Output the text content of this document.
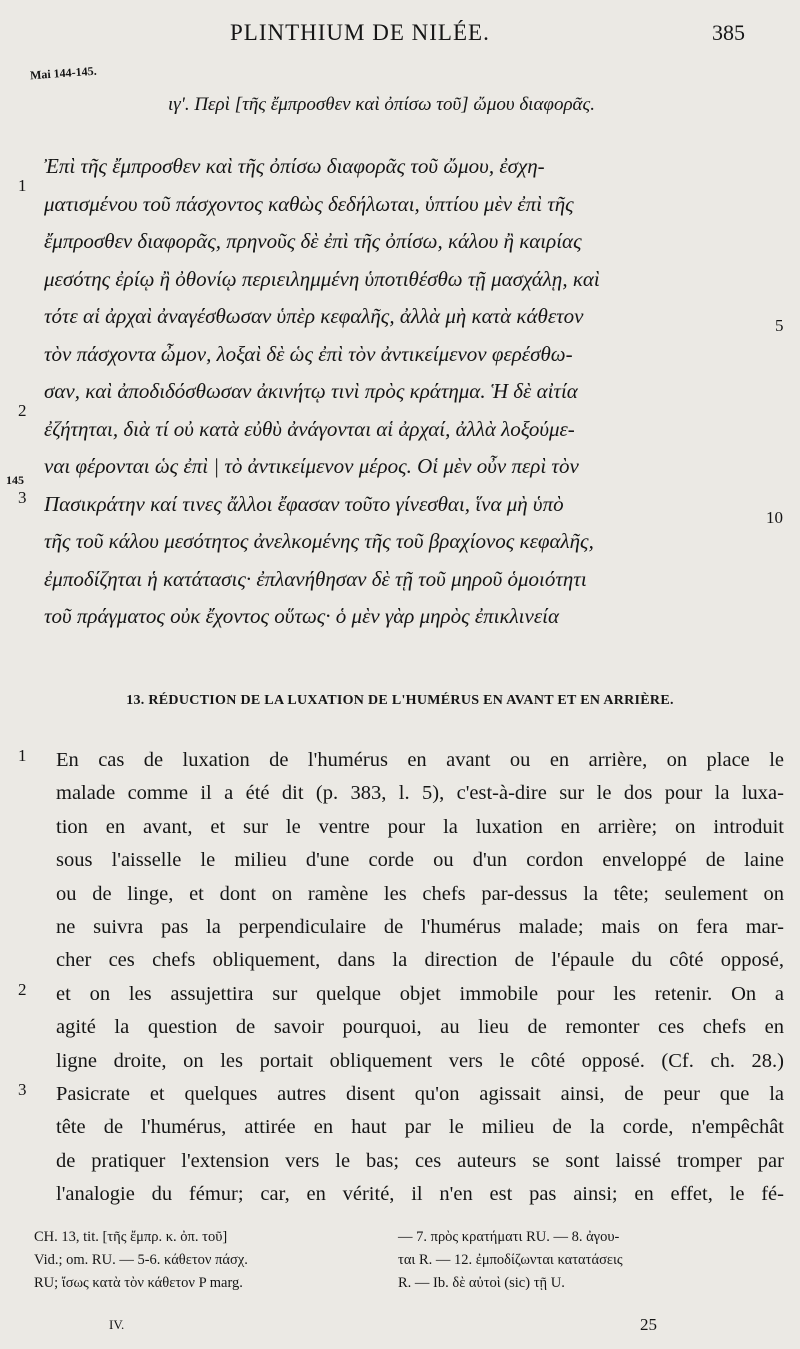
PLINTHIUM DE NILÉE.	385
Mai 144-145.
ιγʹ. Περὶ [τῆς ἔμπροσθεν καὶ ὀπίσω τοῦ] ὤμου διαφορᾶς.
Ἐπὶ τῆς ἔμπροσθεν καὶ τῆς ὀπίσω διαφορᾶς τοῦ ὤμου, ἐσχη-
ματισμένου τοῦ πάσχοντος καθὼς δεδήλωται, ὑπτίου μὲν ἐπὶ τῆς
ἔμπροσθεν διαφορᾶς, πρηνοῦς δὲ ἐπὶ τῆς ὀπίσω, κάλου ἢ καιρίας
μεσότης ἐρίῳ ἢ ὀθονίῳ περιειλημμένη ὑποτιθέσθω τῇ μασχάλῃ, καὶ
τότε αἱ ἀρχαὶ ἀναγέσθωσαν ὑπὲρ κεφαλῆς, ἀλλὰ μὴ κατὰ κάθετον
τὸν πάσχοντα ὦμον, λοξαὶ δὲ ὡς ἐπὶ τὸν ἀντικείμενον φερέσθω-
σαν, καὶ ἀποδιδόσθωσαν ἀκινήτῳ τινὶ πρὸς κράτημα. Ἡ δὲ αἰτία
ἐζήτηται, διὰ τί οὐ κατὰ εὐθὺ ἀνάγονται αἱ ἀρχαί, ἀλλὰ λοξούμε-
ναι φέρονται ὡς ἐπὶ | τὸ ἀντικείμενον μέρος. Οἱ μὲν οὖν περὶ τὸν
Πασικράτην καί τινες ἄλλοι ἔφασαν τοῦτο γίνεσθαι, ἵνα μὴ ὑπὸ
τῆς τοῦ κάλου μεσότητος ἀνελκομένης τῆς τοῦ βραχίονος κεφαλῆς,
ἐμποδίζηται ἡ κατάτασις· ἐπλανήθησαν δὲ τῇ τοῦ μηροῦ ὁμοιότητι
τοῦ πράγματος οὐκ ἔχοντος οὕτως· ὁ μὲν γὰρ μηρὸς ἐπικλινεία
1
2
145
3
5
10
13. RÉDUCTION DE LA LUXATION DE L'HUMÉRUS EN AVANT ET EN ARRIÈRE.
En cas de luxation de l'humérus en avant ou en arrière, on place le
malade comme il a été dit (p. 383, l. 5), c'est-à-dire sur le dos pour la luxa-
tion en avant, et sur le ventre pour la luxation en arrière; on introduit
sous l'aisselle le milieu d'une corde ou d'un cordon enveloppé de laine
ou de linge, et dont on ramène les chefs par-dessus la tête; seulement on
ne suivra pas la perpendiculaire de l'humérus malade; mais on fera mar-
cher ces chefs obliquement, dans la direction de l'épaule du côté opposé,
et on les assujettira sur quelque objet immobile pour les retenir. On a
agité la question de savoir pourquoi, au lieu de remonter ces chefs en
ligne droite, on les portait obliquement vers le côté opposé. (Cf. ch. 28.)
Pasicrate et quelques autres disent qu'on agissait ainsi, de peur que la
tête de l'humérus, attirée en haut par le milieu de la corde, n'empêchât
de pratiquer l'extension vers le bas; ces auteurs se sont laissé tromper par
l'analogie du fémur; car, en vérité, il n'en est pas ainsi; en effet, le fé-
1
2
3
CH. 13, tit. [τῆς ἔμπρ. κ. ὀπ. τοῦ]
Vid.; om. RU. — 5-6. κάθετον πάσχ.
RU; ἴσως κατὰ τὸν κάθετον P marg.
— 7. πρὸς κρατήματι RU. — 8. ἀγου-
ται R. — 12. ἐμποδίζωνται κατατάσεις
R. — Ib. δὲ αὐτοὶ (sic) τῇ U.
IV.	25
